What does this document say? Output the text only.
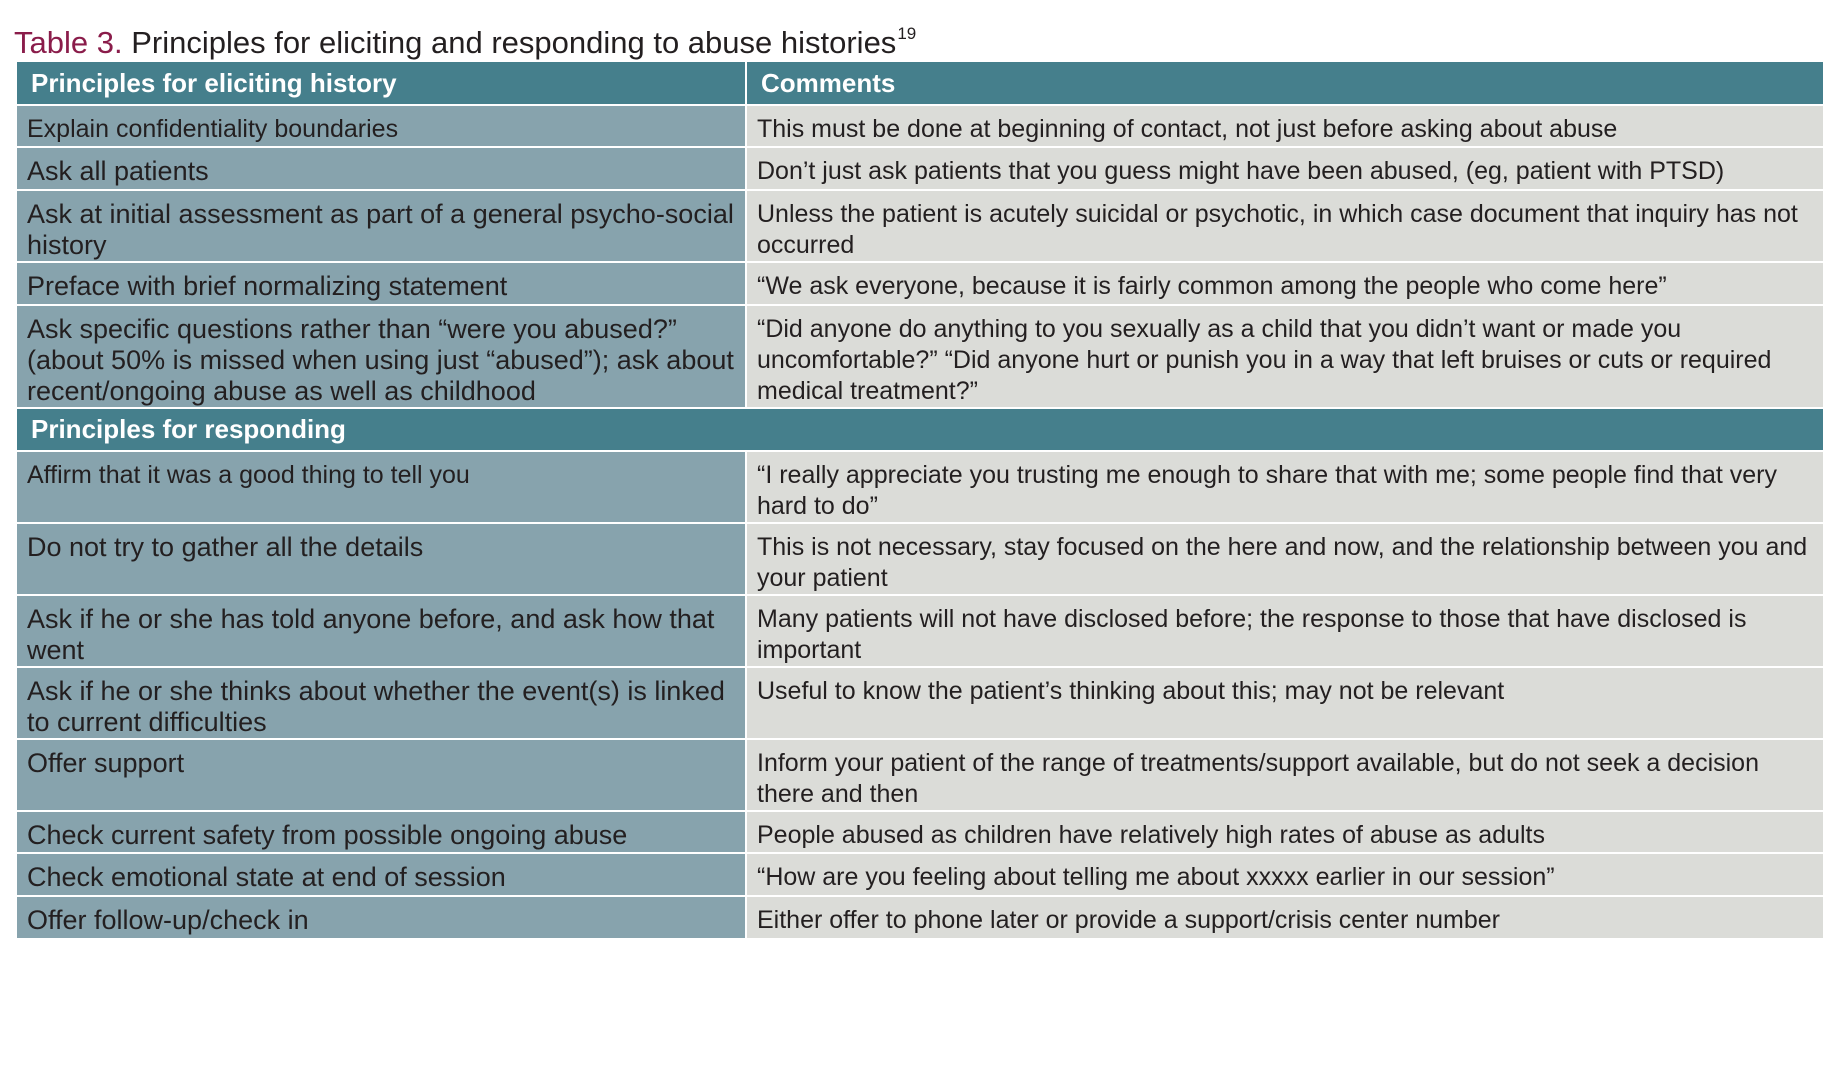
Table 3. Principles for eliciting and responding to abuse histories$^{19}$
Principles for eliciting history	Comments
Explain confidentiality boundaries	This must be done at beginning of contact, not just before asking about abuse
Ask all patients	Don’t just ask patients that you guess might have been abused, (eg, patient with PTSD)
Ask at initial assessment as part of a general psycho-social history	Unless the patient is acutely suicidal or psychotic, in which case document that inquiry has not occurred
Preface with brief normalizing statement	“We ask everyone, because it is fairly common among the people who come here”
Ask specific questions rather than “were you abused?” (about 50% is missed when using just “abused”); ask about recent/ongoing abuse as well as childhood	“Did anyone do anything to you sexually as a child that you didn’t want or made you uncomfortable?” “Did anyone hurt or punish you in a way that left bruises or cuts or required medical treatment?”
Principles for responding	
Affirm that it was a good thing to tell you	“I really appreciate you trusting me enough to share that with me; some people find that very hard to do”
Do not try to gather all the details	This is not necessary, stay focused on the here and now, and the relationship between you and your patient
Ask if he or she has told anyone before, and ask how that went	Many patients will not have disclosed before; the response to those that have disclosed is important
Ask if he or she thinks about whether the event(s) is linked to current difficulties	Useful to know the patient’s thinking about this; may not be relevant
Offer support	Inform your patient of the range of treatments/support available, but do not seek a decision there and then
Check current safety from possible ongoing abuse	People abused as children have relatively high rates of abuse as adults
Check emotional state at end of session	“How are you feeling about telling me about xxxxx earlier in our session”
Offer follow-up/check in	Either offer to phone later or provide a support/crisis center number
